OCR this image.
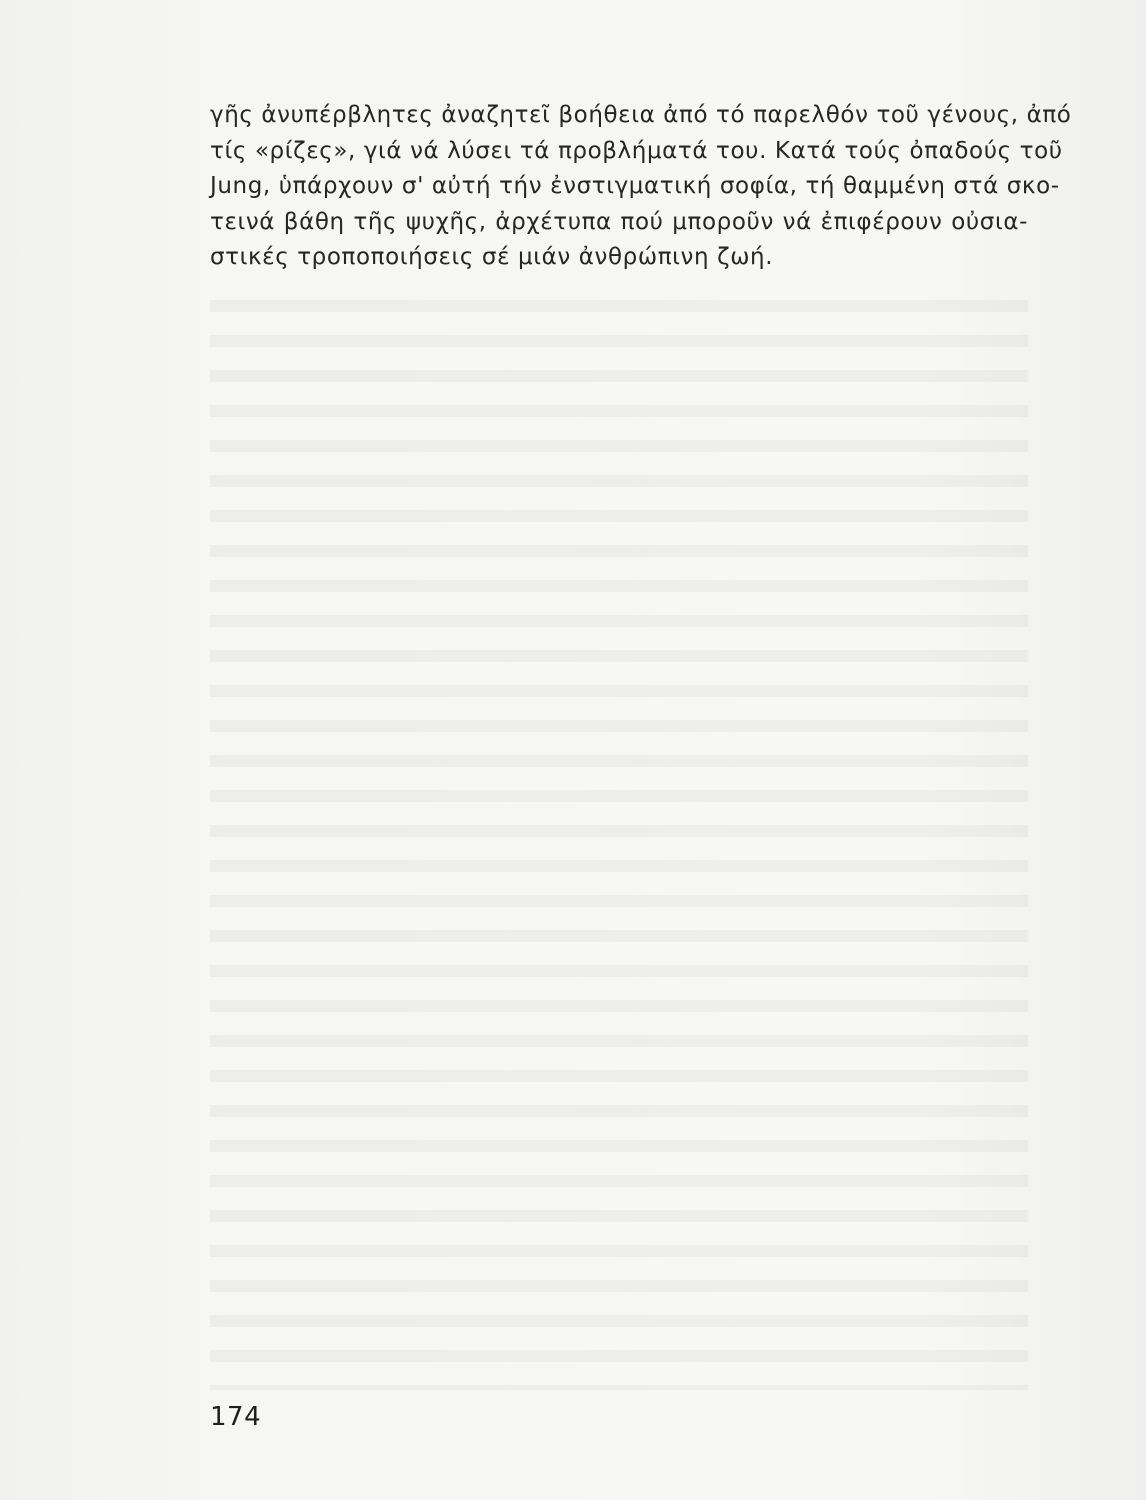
γῆς ἀνυπέρβλητες ἀναζητεῖ βοήθεια ἀπό τό παρελθόν τοῦ γένους, ἀπό
τίς «ρίζες», γιά νά λύσει τά προβλήματά του. Κατά τούς ὀπαδούς τοῦ
Jung, ὑπάρχουν σ' αὐτή τήν ἐνστιγματική σοφία, τή θαμμένη στά σκο-
τεινά βάθη τῆς ψυχῆς, ἀρχέτυπα πού μποροῦν νά ἐπιφέρουν οὐσια-
στικές τροποποιήσεις σέ μιάν ἀνθρώπινη ζωή.

174
